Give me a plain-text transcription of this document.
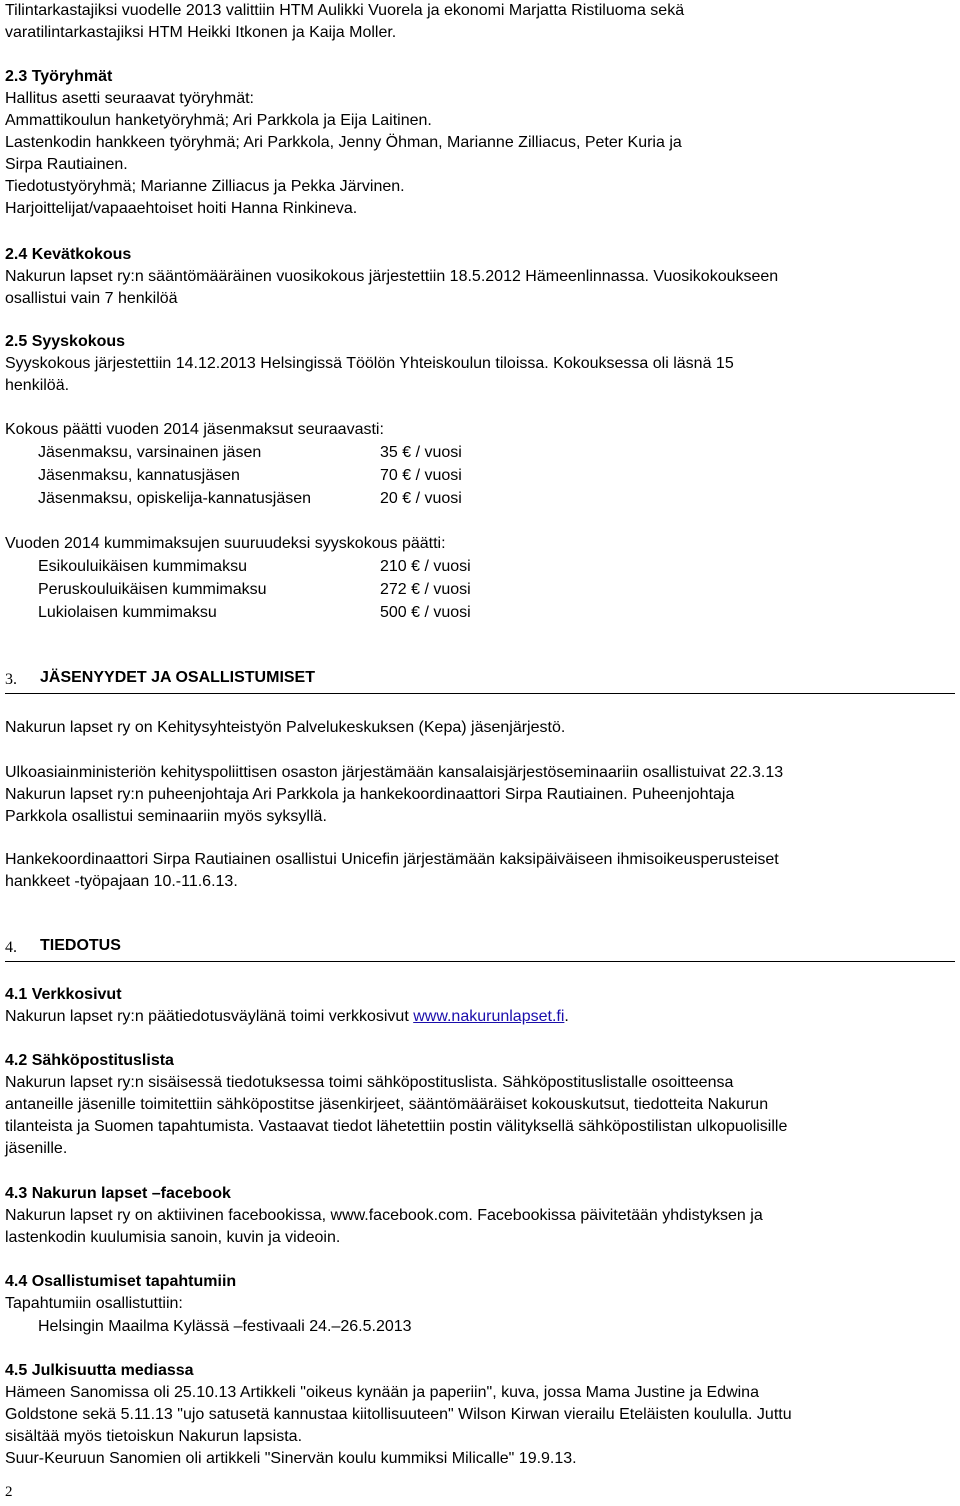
Tilintarkastajiksi vuodelle 2013 valittiin HTM Aulikki Vuorela ja ekonomi Marjatta Ristiluoma sekä
varatilintarkastajiksi HTM Heikki Itkonen ja Kaija Moller.
2.3 Työryhmät
Hallitus asetti seuraavat työryhmät:
Ammattikoulun hanketyöryhmä; Ari Parkkola ja Eija Laitinen.
Lastenkodin hankkeen työryhmä; Ari Parkkola, Jenny Öhman, Marianne Zilliacus, Peter Kuria ja
Sirpa Rautiainen.
Tiedotustyöryhmä; Marianne Zilliacus ja Pekka Järvinen.
Harjoittelijat/vapaaehtoiset hoiti Hanna Rinkineva.
2.4 Kevätkokous
Nakurun lapset ry:n sääntömääräinen vuosikokous järjestettiin 18.5.2012 Hämeenlinnassa. Vuosikokoukseen
osallistui vain 7 henkilöä
2.5 Syyskokous
Syyskokous järjestettiin 14.12.2013 Helsingissä Töölön Yhteiskoulun tiloissa. Kokouksessa oli läsnä 15
henkilöä.
Kokous päätti vuoden 2014 jäsenmaksut seuraavasti:
Jäsenmaksu, varsinainen jäsen	35 € / vuosi
Jäsenmaksu, kannatusjäsen	70 € / vuosi
Jäsenmaksu, opiskelija-kannatusjäsen	20 € / vuosi
Vuoden 2014 kummimaksujen suuruudeksi syyskokous päätti:
Esikouluikäisen kummimaksu	210 € / vuosi
Peruskouluikäisen kummimaksu	272 € / vuosi
Lukiolaisen kummimaksu	500 € / vuosi
3. JÄSENYYDET JA OSALLISTUMISET
Nakurun lapset ry on Kehitysyhteistyön Palvelukeskuksen (Kepa) jäsenjärjestö.
Ulkoasiainministeriön kehityspoliittisen osaston järjestämään kansalaisjärjestöseminaariin osallistuivat 22.3.13
Nakurun lapset ry:n puheenjohtaja Ari Parkkola ja hankekoordinaattori Sirpa Rautiainen. Puheenjohtaja
Parkkola osallistui seminaariin myös syksyllä.
Hankekoordinaattori Sirpa Rautiainen osallistui Unicefin järjestämään kaksipäiväiseen ihmisoikeusperusteiset
hankkeet -työpajaan 10.-11.6.13.
4. TIEDOTUS
4.1 Verkkosivut
Nakurun lapset ry:n päätiedotusväylänä toimi verkkosivut www.nakurunlapset.fi.
4.2 Sähköpostituslista
Nakurun lapset ry:n sisäisessä tiedotuksessa toimi sähköpostituslista. Sähköpostituslistalle osoitteensa
antaneille jäsenille toimitettiin sähköpostitse jäsenkirjeet, sääntömääräiset kokouskutsut, tiedotteita Nakurun
tilanteista ja Suomen tapahtumista. Vastaavat tiedot lähetettiin postin välityksellä sähköpostilistan ulkopuolisille
jäsenille.
4.3 Nakurun lapset –facebook
Nakurun lapset ry on aktiivinen facebookissa, www.facebook.com. Facebookissa päivitetään yhdistyksen ja
lastenkodin kuulumisia sanoin, kuvin ja videoin.
4.4 Osallistumiset tapahtumiin
Tapahtumiin osallistuttiin:
Helsingin Maailma Kylässä –festivaali 24.–26.5.2013
4.5 Julkisuutta mediassa
Hämeen Sanomissa oli 25.10.13 Artikkeli "oikeus kynään ja paperiin", kuva, jossa Mama Justine ja Edwina
Goldstone sekä 5.11.13 "ujo satusetä kannustaa kiitollisuuteen" Wilson Kirwan vierailu Eteläisten koululla. Juttu
sisältää myös tietoiskun Nakurun lapsista.
Suur-Keuruun Sanomien oli artikkeli "Sinervän koulu kummiksi Milicalle" 19.9.13.
2
